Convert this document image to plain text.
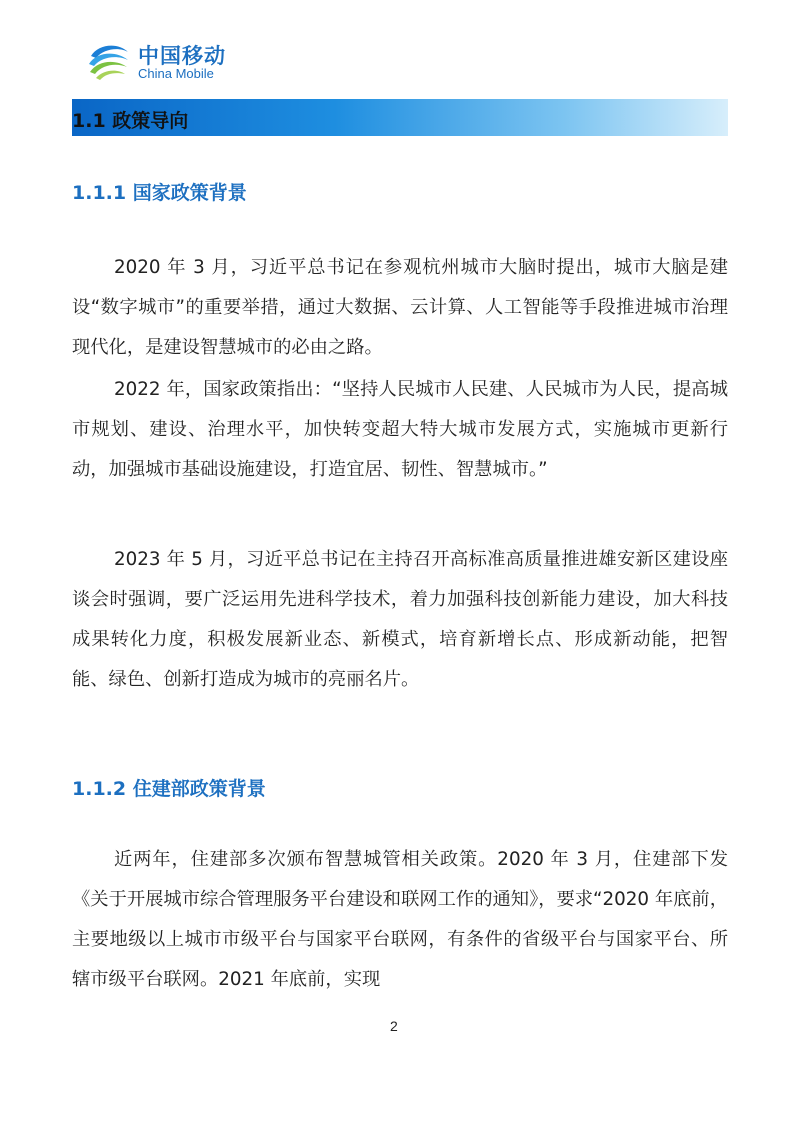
中国移动
China Mobile
1.1 政策导向
1.1.1 国家政策背景

2020 年 3 月，习近平总书记在参观杭州城市大脑时提出，城市大脑是建设“数字城市”的重要举措，通过大数据、云计算、人工智能等手段推进城市治理现代化，是建设智慧城市的必由之路。

2022 年，国家政策指出：“坚持人民城市人民建、人民城市为人民，提高城市规划、建设、治理水平，加快转变超大特大城市发展方式，实施城市更新行动，加强城市基础设施建设，打造宜居、韧性、智慧城市。”

2023 年 5 月，习近平总书记在主持召开高标准高质量推进雄安新区建设座谈会时强调，要广泛运用先进科学技术，着力加强科技创新能力建设，加大科技成果转化力度，积极发展新业态、新模式，培育新增长点、形成新动能，把智能、绿色、创新打造成为城市的亮丽名片。

1.1.2 住建部政策背景

近两年，住建部多次颁布智慧城管相关政策。2020 年 3 月，住建部下发《关于开展城市综合管理服务平台建设和联网工作的通知》，要求“2020 年底前，主要地级以上城市市级平台与国家平台联网，有条件的省级平台与国家平台、所辖市级平台联网。2021 年底前，实现

2
